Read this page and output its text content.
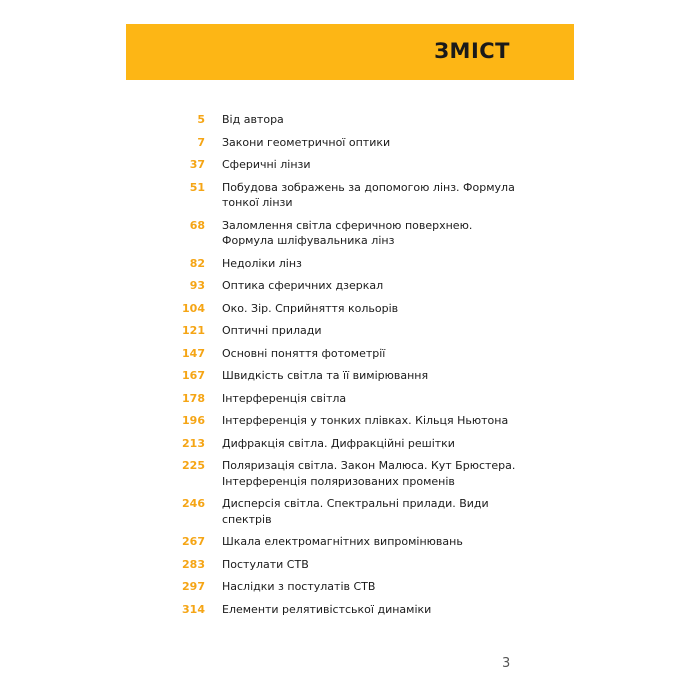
ЗМІСТ
5 Від автора
7 Закони геометричної оптики
37 Сферичні лінзи
51 Побудова зображень за допомогою лінз. Формула
тонкої лінзи
68 Заломлення світла сферичною поверхнею.
Формула шліфувальника лінз
82 Недоліки лінз
93 Оптика сферичних дзеркал
104 Око. Зір. Сприйняття кольорів
121 Оптичні прилади
147 Основні поняття фотометрії
167 Швидкість світла та її вимірювання
178 Інтерференція світла
196 Інтерференція у тонких плівках. Кільця Ньютона
213 Дифракція світла. Дифракційні решітки
225 Поляризація світла. Закон Малюса. Кут Брюстера.
Інтерференція поляризованих променів
246 Дисперсія світла. Спектральні прилади. Види
спектрів
267 Шкала електромагнітних випромінювань
283 Постулати СТВ
297 Наслідки з постулатів СТВ
314 Елементи релятивістської динаміки
3
